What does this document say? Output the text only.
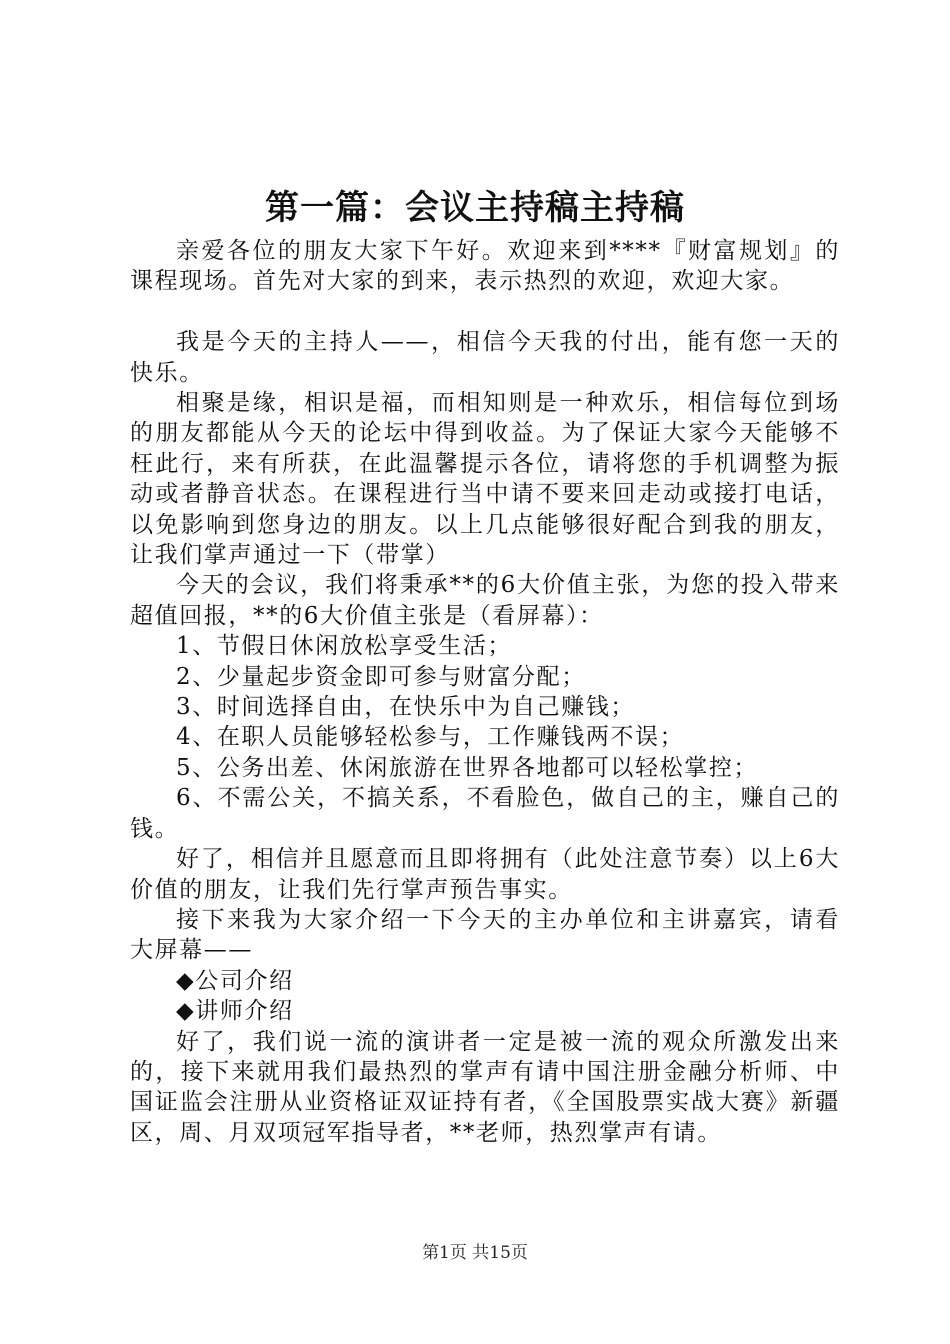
第一篇：会议主持稿主持稿

亲爱各位的朋友大家下午好。欢迎来到****『财富规划』的课程现场。首先对大家的到来，表示热烈的欢迎，欢迎大家。

我是今天的主持人——，相信今天我的付出，能有您一天的快乐。

相聚是缘，相识是福，而相知则是一种欢乐，相信每位到场的朋友都能从今天的论坛中得到收益。为了保证大家今天能够不枉此行，来有所获，在此温馨提示各位，请将您的手机调整为振动或者静音状态。在课程进行当中请不要来回走动或接打电话，以免影响到您身边的朋友。以上几点能够很好配合到我的朋友，让我们掌声通过一下（带掌）

今天的会议，我们将秉承**的6大价值主张，为您的投入带来超值回报，**的6大价值主张是（看屏幕）：

1、节假日休闲放松享受生活；

2、少量起步资金即可参与财富分配；

3、时间选择自由，在快乐中为自己赚钱；

4、在职人员能够轻松参与，工作赚钱两不误；

5、公务出差、休闲旅游在世界各地都可以轻松掌控；

6、不需公关，不搞关系，不看脸色，做自己的主，赚自己的钱。

好了，相信并且愿意而且即将拥有（此处注意节奏）以上6大价值的朋友，让我们先行掌声预告事实。

接下来我为大家介绍一下今天的主办单位和主讲嘉宾，请看大屏幕——

◆公司介绍

◆讲师介绍

好了，我们说一流的演讲者一定是被一流的观众所激发出来的，接下来就用我们最热烈的掌声有请中国注册金融分析师、中国证监会注册从业资格证双证持有者，《全国股票实战大赛》新疆区，周、月双项冠军指导者，**老师，热烈掌声有请。

第1页 共15页
